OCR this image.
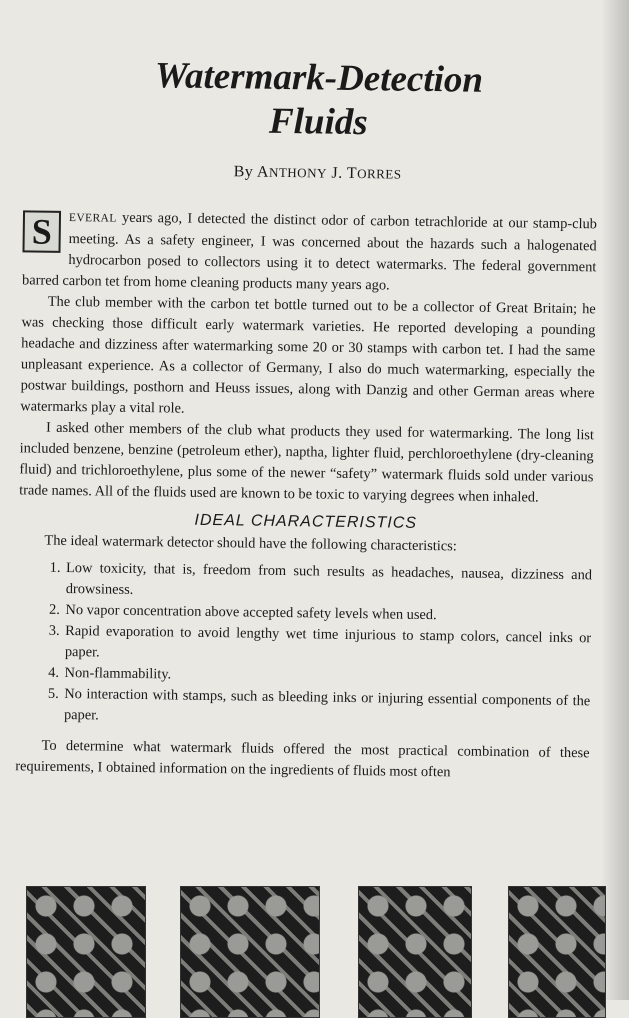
Watermark-Detection
Fluids
By ANTHONY J. TORRES

S	EVERAL years ago, I detected the distinct odor of carbon tetrachloride at our stamp-club meeting. As a safety engineer, I was concerned about the hazards such a halogenated hydrocarbon posed to collectors using it to detect watermarks. The federal government barred carbon tet from home cleaning products many years ago.

The club member with the carbon tet bottle turned out to be a collector of Great Britain; he was checking those difficult early watermark varieties. He reported developing a pounding headache and dizziness after watermarking some 20 or 30 stamps with carbon tet. I had the same unpleasant experience. As a collector of Germany, I also do much watermarking, especially the postwar buildings, posthorn and Heuss issues, along with Danzig and other German areas where watermarks play a vital role.

I asked other members of the club what products they used for watermarking. The long list included benzene, benzine (petroleum ether), naptha, lighter fluid, perchloroethylene (dry-cleaning fluid) and trichloroethylene, plus some of the newer “safety” watermark fluids sold under various trade names. All of the fluids used are known to be toxic to varying degrees when inhaled.

IDEAL CHARACTERISTICS

The ideal watermark detector should have the following characteristics:

1. Low toxicity, that is, freedom from such results as headaches, nausea, dizziness and drowsiness.
2. No vapor concentration above accepted safety levels when used.
3. Rapid evaporation to avoid lengthy wet time injurious to stamp colors, cancel inks or paper.
4. Non-flammability.
5. No interaction with stamps, such as bleeding inks or injuring essential components of the paper.

To determine what watermark fluids offered the most practical combination of these requirements, I obtained information on the ingredients of fluids most often
